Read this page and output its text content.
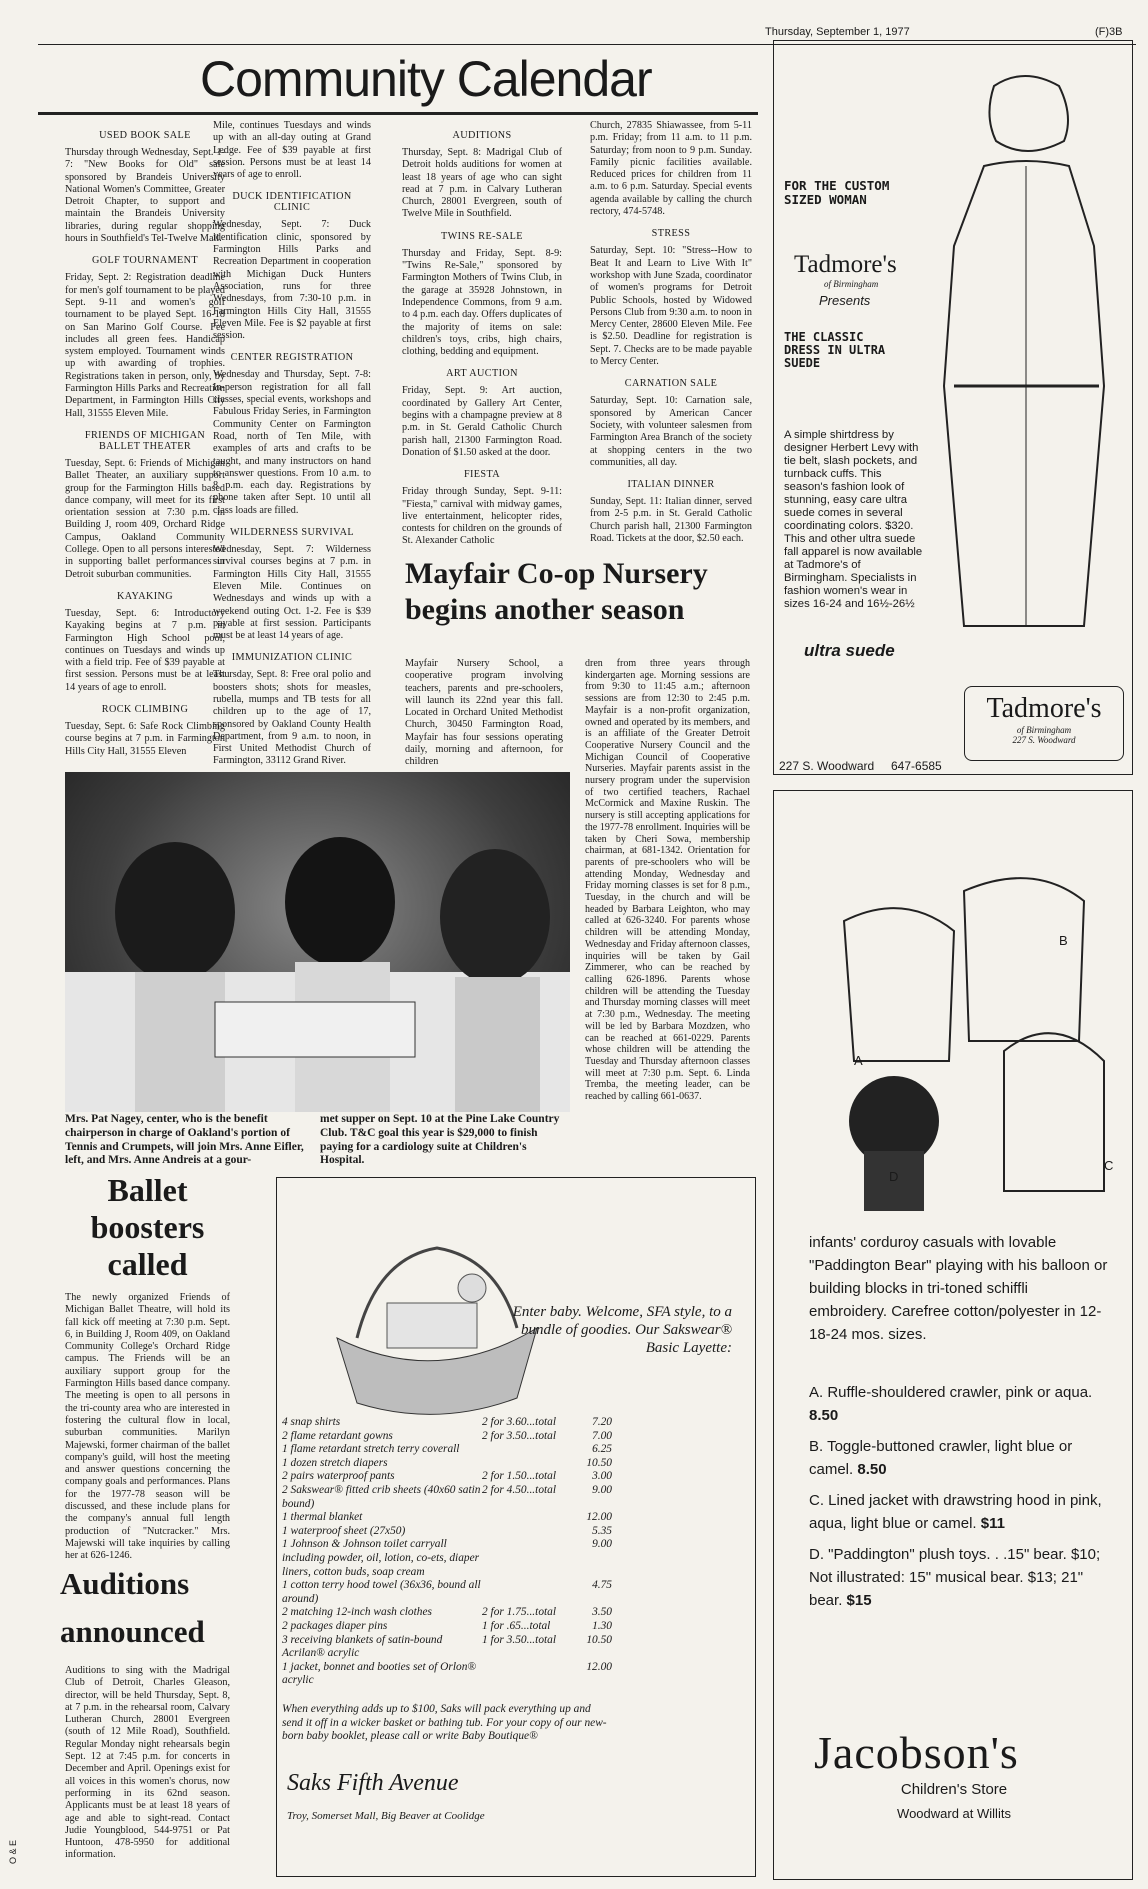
Thursday, September 1, 1977	(F)3B
Community Calendar
USED BOOK SALE
Thursday through Wednesday, Sept. 1-7: "New Books for Old" sale sponsored by Brandeis University National Women's Committee, Greater Detroit Chapter, to support and maintain the Brandeis University libraries, during regular shopping hours in Southfield's Tel-Twelve Mall.
GOLF TOURNAMENT
Friday, Sept. 2: Registration deadline for men's golf tournament to be played Sept. 9-11 and women's golf tournament to be played Sept. 16-18 on San Marino Golf Course. Fee includes all green fees. Handicap system employed. Tournament winds up with awarding of trophies. Registrations taken in person, only, by Farmington Hills Parks and Recreation Department, in Farmington Hills City Hall, 31555 Eleven Mile.
FRIENDS OF MICHIGAN BALLET THEATER
Tuesday, Sept. 6: Friends of Michigan Ballet Theater, an auxiliary support group for the Farmington Hills based dance company, will meet for its first orientation session at 7:30 p.m. in Building J, room 409, Orchard Ridge Campus, Oakland Community College. Open to all persons interested in supporting ballet performances in Detroit suburban communities.
KAYAKING
Tuesday, Sept. 6: Introductory Kayaking begins at 7 p.m. in Farmington High School pool, continues on Tuesdays and winds up with a field trip. Fee of $39 payable at first session. Persons must be at least 14 years of age to enroll.
ROCK CLIMBING
Tuesday, Sept. 6: Safe Rock Climbing course begins at 7 p.m. in Farmington Hills City Hall, 31555 Eleven
Mile, continues Tuesdays and winds up with an all-day outing at Grand Ledge. Fee of $39 payable at first session. Persons must be at least 14 years of age to enroll.
DUCK IDENTIFICATION CLINIC
Wednesday, Sept. 7: Duck identification clinic, sponsored by Farmington Hills Parks and Recreation Department in cooperation with Michigan Duck Hunters Association, runs for three Wednesdays, from 7:30-10 p.m. in Farmington Hills City Hall, 31555 Eleven Mile. Fee is $2 payable at first session.
CENTER REGISTRATION
Wednesday and Thursday, Sept. 7-8: In-person registration for all fall classes, special events, workshops and Fabulous Friday Series, in Farmington Community Center on Farmington Road, north of Ten Mile, with examples of arts and crafts to be taught, and many instructors on hand to answer questions. From 10 a.m. to 8 p.m. each day. Registrations by phone taken after Sept. 10 until all class loads are filled.
WILDERNESS SURVIVAL
Wednesday, Sept. 7: Wilderness survival courses begins at 7 p.m. in Farmington Hills City Hall, 31555 Eleven Mile. Continues on Wednesdays and winds up with a weekend outing Oct. 1-2. Fee is $39 payable at first session. Participants must be at least 14 years of age.
IMMUNIZATION CLINIC
Thursday, Sept. 8: Free oral polio and boosters shots; shots for measles, rubella, mumps and TB tests for all children up to the age of 17, sponsored by Oakland County Health Department, from 9 a.m. to noon, in First United Methodist Church of Farmington, 33112 Grand River.
AUDITIONS
Thursday, Sept. 8: Madrigal Club of Detroit holds auditions for women at least 18 years of age who can sight read at 7 p.m. in Calvary Lutheran Church, 28001 Evergreen, south of Twelve Mile in Southfield.
TWINS RE-SALE
Thursday and Friday, Sept. 8-9: "Twins Re-Sale," sponsored by Farmington Mothers of Twins Club, in the garage at 35928 Johnstown, in Independence Commons, from 9 a.m. to 4 p.m. each day. Offers duplicates of the majority of items on sale: children's toys, cribs, high chairs, clothing, bedding and equipment.
ART AUCTION
Friday, Sept. 9: Art auction, coordinated by Gallery Art Center, begins with a champagne preview at 8 p.m. in St. Gerald Catholic Church parish hall, 21300 Farmington Road. Donation of $1.50 asked at the door.
FIESTA
Friday through Sunday, Sept. 9-11: "Fiesta," carnival with midway games, live entertainment, helicopter rides, contests for children on the grounds of St. Alexander Catholic
Church, 27835 Shiawassee, from 5-11 p.m. Friday; from 11 a.m. to 11 p.m. Saturday; from noon to 9 p.m. Sunday. Family picnic facilities available. Reduced prices for children from 11 a.m. to 6 p.m. Saturday. Special events agenda available by calling the church rectory, 474-5748.
STRESS
Saturday, Sept. 10: "Stress--How to Beat It and Learn to Live With It" workshop with June Szada, coordinator of women's programs for Detroit Public Schools, hosted by Widowed Persons Club from 9:30 a.m. to noon in Mercy Center, 28600 Eleven Mile. Fee is $2.50. Deadline for registration is Sept. 7. Checks are to be made payable to Mercy Center.
CARNATION SALE
Saturday, Sept. 10: Carnation sale, sponsored by American Cancer Society, with volunteer salesmen from Farmington Area Branch of the society at shopping centers in the two communities, all day.
ITALIAN DINNER
Sunday, Sept. 11: Italian dinner, served from 2-5 p.m. in St. Gerald Catholic Church parish hall, 21300 Farmington Road. Tickets at the door, $2.50 each.
Mayfair Co-op Nursery begins another season
Mayfair Nursery School, a cooperative program involving teachers, parents and pre-schoolers, will launch its 22nd year this fall. Located in Orchard United Methodist Church, 30450 Farmington Road, Mayfair has four sessions operating daily, morning and afternoon, for children
dren from three years through kindergarten age. Morning sessions are from 9:30 to 11:45 a.m.; afternoon sessions are from 12:30 to 2:45 p.m. Mayfair is a non-profit organization, owned and operated by its members, and is an affiliate of the Greater Detroit Cooperative Nursery Council and the Michigan Council of Cooperative Nurseries. Mayfair parents assist in the nursery program under the supervision of two certified teachers, Rachael McCormick and Maxine Ruskin. The nursery is still accepting applications for the 1977-78 enrollment. Inquiries will be taken by Cheri Sowa, membership chairman, at 681-1342. Orientation for parents of pre-schoolers who will be attending Monday, Wednesday and Friday morning classes is set for 8 p.m., Tuesday, in the church and will be headed by Barbara Leighton, who may called at 626-3240. For parents whose children will be attending Monday, Wednesday and Friday afternoon classes, inquiries will be taken by Gail Zimmerer, who can be reached by calling 626-1896. Parents whose children will be attending the Tuesday and Thursday morning classes will meet at 7:30 p.m., Wednesday. The meeting will be led by Barbara Mozdzen, who can be reached at 661-0229. Parents whose children will be attending the Tuesday and Thursday afternoon classes will meet at 7:30 p.m. Sept. 6. Linda Tremba, the meeting leader, can be reached by calling 661-0637.
Mrs. Pat Nagey, center, who is the benefit chairperson in charge of Oakland's portion of Tennis and Crumpets, will join Mrs. Anne Eifler, left, and Mrs. Anne Andreis at a gour-
met supper on Sept. 10 at the Pine Lake Country Club. T&C goal this year is $29,000 to finish paying for a cardiology suite at Children's Hospital.
Ballet boosters called
The newly organized Friends of Michigan Ballet Theatre, will hold its fall kick off meeting at 7:30 p.m. Sept. 6, in Building J, Room 409, on Oakland Community College's Orchard Ridge campus. The Friends will be an auxiliary support group for the Farmington Hills based dance company. The meeting is open to all persons in the tri-county area who are interested in fostering the cultural flow in local, suburban communities. Marilyn Majewski, former chairman of the ballet company's guild, will host the meeting and answer questions concerning the company goals and performances. Plans for the 1977-78 season will be discussed, and these include plans for the company's annual full length production of "Nutcracker." Mrs. Majewski will take inquiries by calling her at 626-1246.
Auditions announced
Auditions to sing with the Madrigal Club of Detroit, Charles Gleason, director, will be held Thursday, Sept. 8, at 7 p.m. in the rehearsal room, Calvary Lutheran Church, 28001 Evergreen (south of 12 Mile Road), Southfield. Regular Monday night rehearsals begin Sept. 12 at 7:45 p.m. for concerts in December and April. Openings exist for all voices in this women's chorus, now performing in its 62nd season. Applicants must be at least 18 years of age and able to sight-read. Contact Judie Youngblood, 544-9751 or Pat Huntoon, 478-5950 for additional information.
Enter baby. Welcome, SFA style, to a bundle of goodies. Our Sakswear® Basic Layette:
4 snap shirts	2 for 3.60...total	7.20
2 flame retardant gowns	2 for 3.50...total	7.00
1 flame retardant stretch terry coverall	6.25
1 dozen stretch diapers	10.50
2 pairs waterproof pants	2 for 1.50...total	3.00
2 Sakswear® fitted crib sheets (40x60 satin bound)
2 for 4.50...total	9.00
1 thermal blanket	12.00
1 waterproof sheet (27x50)	5.35
1 Johnson & Johnson toilet carryall including powder, oil, lotion, co-ets, diaper liners, cotton buds, soap cream
9.00
1 cotton terry hood towel (36x36, bound all around)
4.75
2 matching 12-inch wash clothes	2 for 1.75...total	3.50
2 packages diaper pins	1 for .65...total	1.30
3 receiving blankets of satin-bound Acrilan® acrylic
1 for 3.50...total	10.50
1 jacket, bonnet and booties set of Orlon® acrylic
12.00
When everything adds up to $100, Saks will pack everything up and send it off in a wicker basket or bathing tub. For your copy of our new-born baby booklet, please call or write Baby Boutique®
Saks Fifth Avenue
Troy, Somerset Mall, Big Beaver at Coolidge
FOR THE CUSTOM SIZED WOMAN
Tadmore's
of Birmingham
Presents
THE CLASSIC DRESS IN ULTRA SUEDE
A simple shirtdress by designer Herbert Levy with tie belt, slash pockets, and turnback cuffs. This season's fashion look of stunning, easy care ultra suede comes in several coordinating colors. $320. This and other ultra suede fall apparel is now available at Tadmore's of Birmingham. Specialists in fashion women's wear in sizes 16-24 and 16½-26½
ultra suede
Tadmore's
of Birmingham
227 S. Woodward
227 S. Woodward 647-6585
A
B
C
D
infants' corduroy casuals with lovable "Paddington Bear" playing with his balloon or building blocks in tri-toned schiffli embroidery. Carefree cotton/polyester in 12-18-24 mos. sizes.
A. Ruffle-shouldered crawler, pink or aqua. 8.50
B. Toggle-buttoned crawler, light blue or camel. 8.50
C. Lined jacket with drawstring hood in pink, aqua, light blue or camel. $11
D. "Paddington" plush toys. . .15" bear. $10; Not illustrated: 15" musical bear. $13; 21" bear. $15
Jacobson's
Children's Store
Woodward at Willits
O & E
